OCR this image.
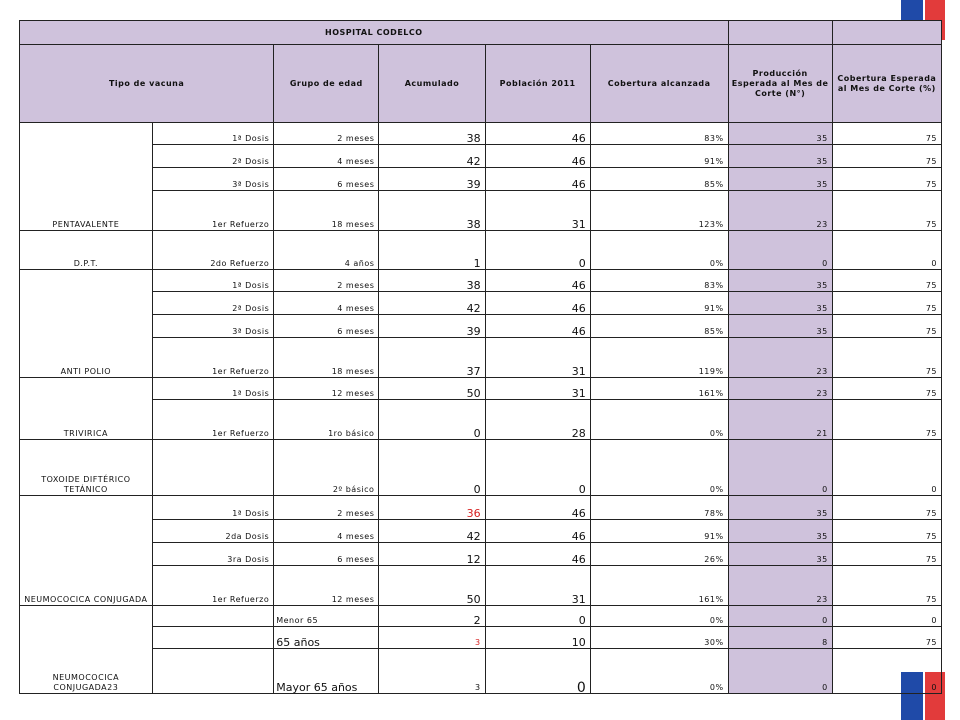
HOSPITAL CODELCO							
Tipo de vacuna		Grupo de edad	Acumulado	Población 2011	Cobertura alcanzada	Producción Esperada al Mes de Corte (N°)	Cobertura Esperada al Mes de Corte (%)
PENTAVALENTE	1ª Dosis	2 meses	38	46	83%	35	75
	2ª Dosis	4 meses	42	46	91%	35	75
	3ª Dosis	6 meses	39	46	85%	35	75
	1er Refuerzo	18 meses	38	31	123%	23	75
D.P.T.	2do Refuerzo	4 años	1	0	0%	0	0
ANTI POLIO	1ª Dosis	2 meses	38	46	83%	35	75
	2ª Dosis	4 meses	42	46	91%	35	75
	3ª Dosis	6 meses	39	46	85%	35	75
	1er Refuerzo	18 meses	37	31	119%	23	75
TRIVIRICA	1ª Dosis	12 meses	50	31	161%	23	75
	1er Refuerzo	1ro básico	0	28	0%	21	75
TOXOIDE DIFTÉRICO TETÁNICO		2º básico	0	0	0%	0	0
NEUMOCOCICA CONJUGADA	1ª Dosis	2 meses	36	46	78%	35	75
	2da Dosis	4 meses	42	46	91%	35	75
	3ra Dosis	6 meses	12	46	26%	35	75
	1er Refuerzo	12 meses	50	31	161%	23	75
NEUMOCOCICA CONJUGADA23		Menor 65	2	0	0%	0	0
		65 años	3	10	30%	8	75
		Mayor 65 años	3	0	0%	0	0
